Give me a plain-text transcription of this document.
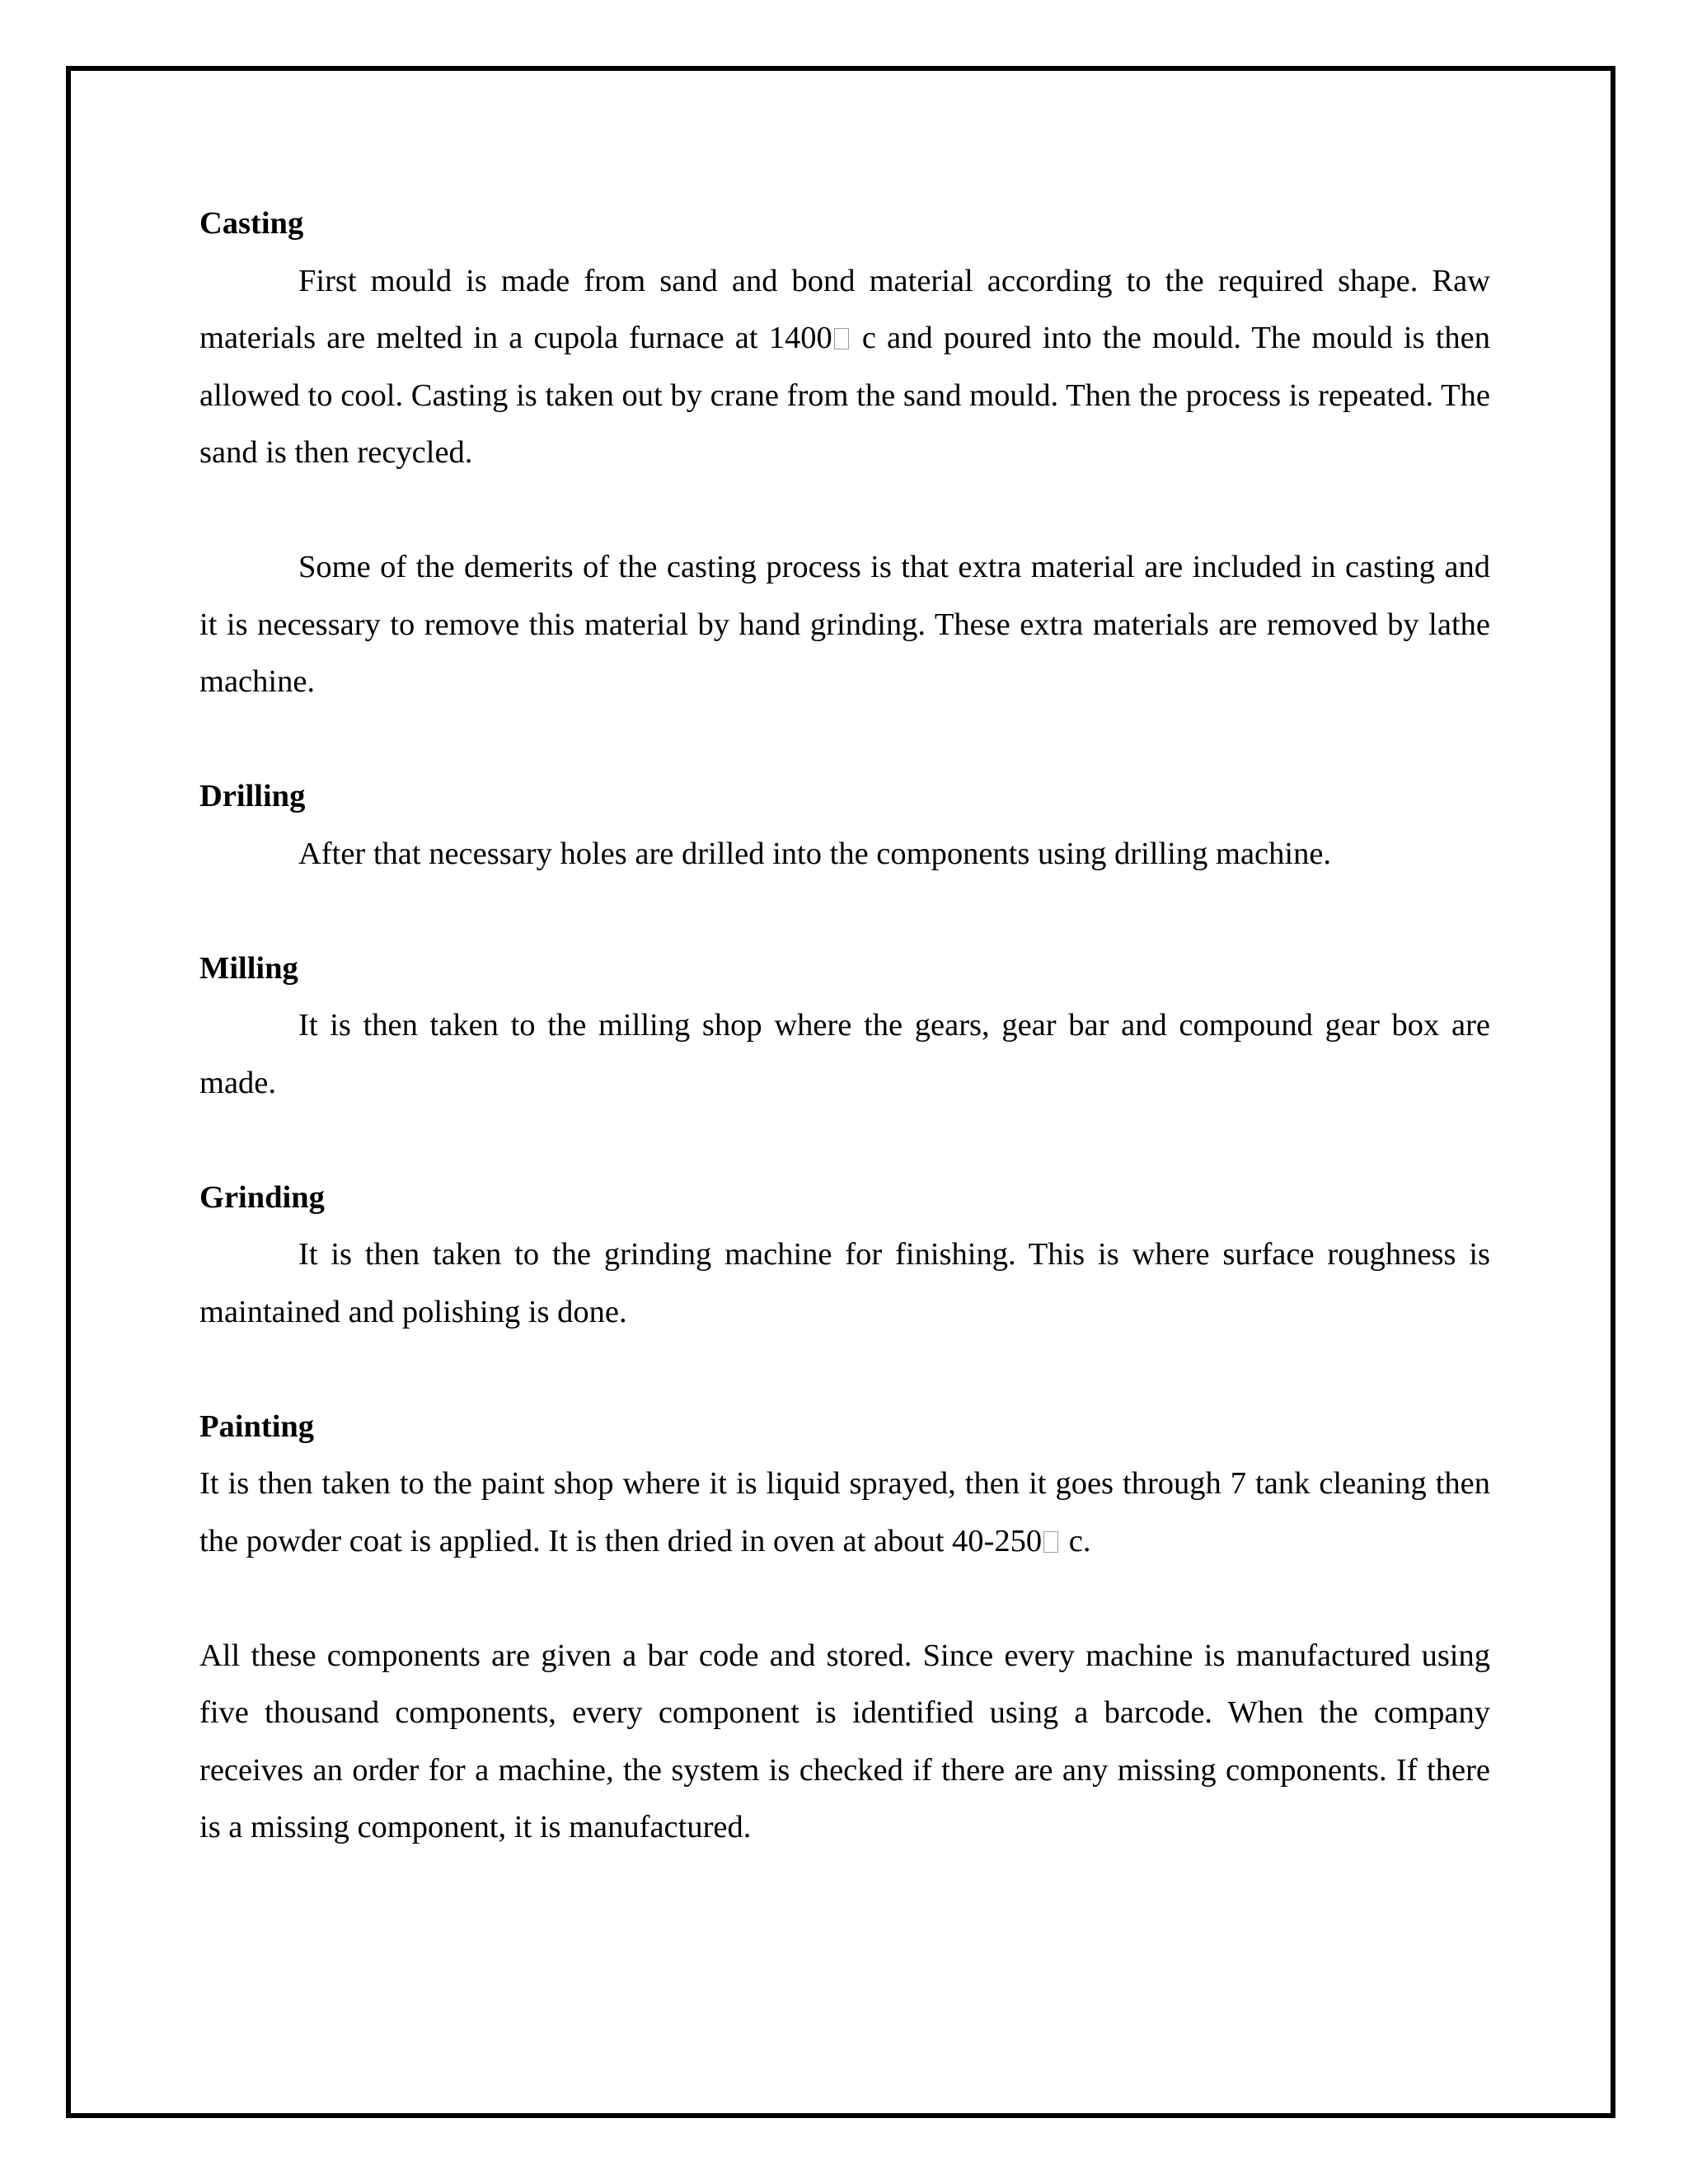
Casting

First mould is made from sand and bond material according to the required shape. Raw materials are melted in a cupola furnace at 1400 c and poured into the mould. The mould is then allowed to cool. Casting is taken out by crane from the sand mould. Then the process is repeated. The sand is then recycled.

Some of the demerits of the casting process is that extra material are included in casting and it is necessary to remove this material by hand grinding. These extra materials are removed by lathe machine.

Drilling

After that necessary holes are drilled into the components using drilling machine.

Milling

It is then taken to the milling shop where the gears, gear bar and compound gear box are made.

Grinding

It is then taken to the grinding machine for finishing. This is where surface roughness is maintained and polishing is done.

Painting

It is then taken to the paint shop where it is liquid sprayed, then it goes through 7 tank cleaning then the powder coat is applied. It is then dried in oven at about 40-250 c.

All these components are given a bar code and stored. Since every machine is manufactured using five thousand components, every component is identified using a barcode. When the company receives an order for a machine, the system is checked if there are any missing components. If there is a missing component, it is manufactured.
